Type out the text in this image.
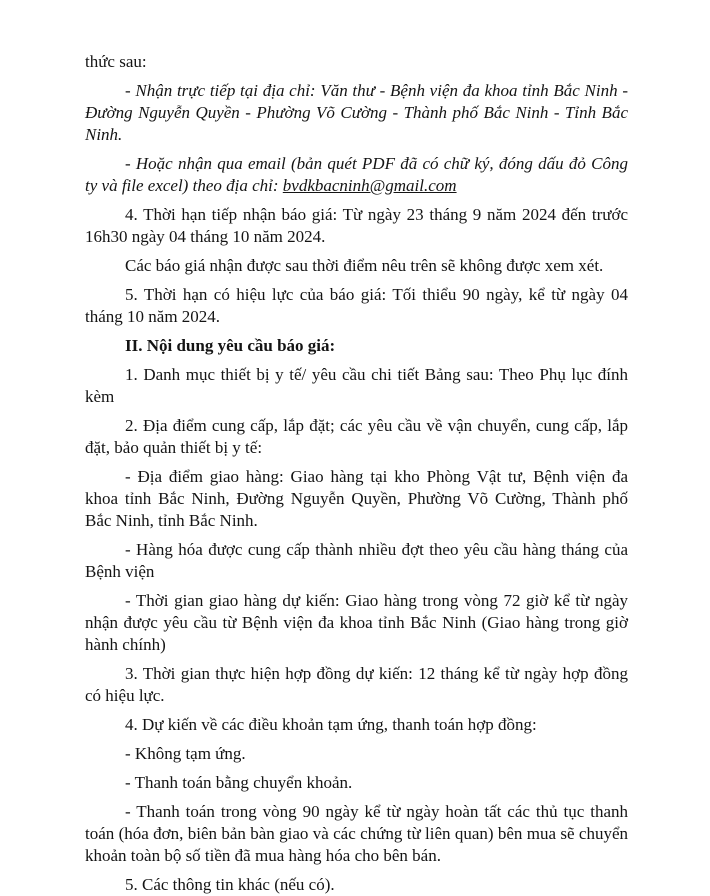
thức sau:

- Nhận trực tiếp tại địa chỉ: Văn thư - Bệnh viện đa khoa tỉnh Bắc Ninh - Đường Nguyễn Quyền - Phường Võ Cường - Thành phố Bắc Ninh - Tỉnh Bắc Ninh.

- Hoặc nhận qua email (bản quét PDF đã có chữ ký, đóng dấu đỏ Công ty và file excel) theo địa chỉ: bvdkbacninh@gmail.com

4. Thời hạn tiếp nhận báo giá: Từ ngày 23 tháng 9 năm 2024 đến trước 16h30 ngày 04 tháng 10 năm 2024.

Các báo giá nhận được sau thời điểm nêu trên sẽ không được xem xét.

5. Thời hạn có hiệu lực của báo giá: Tối thiểu 90 ngày, kể từ ngày 04 tháng 10 năm 2024.

II. Nội dung yêu cầu báo giá:

1. Danh mục thiết bị y tế/ yêu cầu chi tiết Bảng sau: Theo Phụ lục đính kèm

2. Địa điểm cung cấp, lắp đặt; các yêu cầu về vận chuyển, cung cấp, lắp đặt, bảo quản thiết bị y tế:

- Địa điểm giao hàng: Giao hàng tại kho Phòng Vật tư, Bệnh viện đa khoa tỉnh Bắc Ninh, Đường Nguyễn Quyền, Phường Võ Cường, Thành phố Bắc Ninh, tỉnh Bắc Ninh.

- Hàng hóa được cung cấp thành nhiều đợt theo yêu cầu hàng tháng của Bệnh viện

- Thời gian giao hàng dự kiến: Giao hàng trong vòng 72 giờ kể từ ngày nhận được yêu cầu từ Bệnh viện đa khoa tỉnh Bắc Ninh (Giao hàng trong giờ hành chính)

3. Thời gian thực hiện hợp đồng dự kiến: 12 tháng kể từ ngày hợp đồng có hiệu lực.

4. Dự kiến về các điều khoản tạm ứng, thanh toán hợp đồng:

- Không tạm ứng.

- Thanh toán bằng chuyển khoản.

- Thanh toán trong vòng 90 ngày kể từ ngày hoàn tất các thủ tục thanh toán (hóa đơn, biên bản bàn giao và các chứng từ liên quan) bên mua sẽ chuyển khoản toàn bộ số tiền đã mua hàng hóa cho bên bán.

5. Các thông tin khác (nếu có).
